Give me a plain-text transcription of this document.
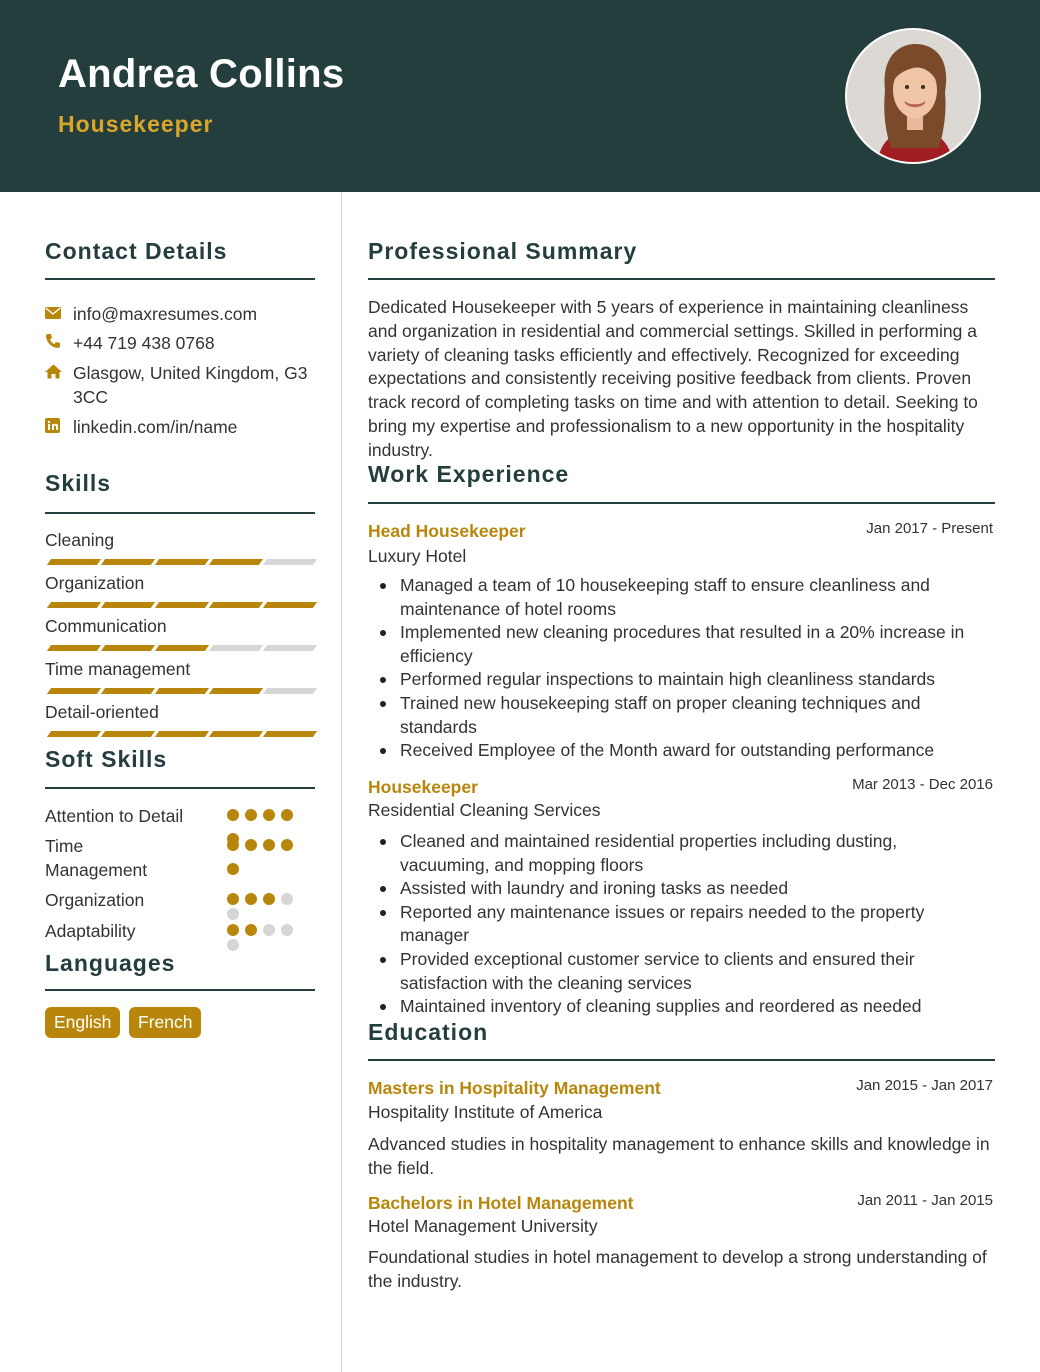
Andrea Collins
Housekeeper
Contact Details
info@maxresumes.com
+44 719 438 0768
Glasgow, United Kingdom, G3 3CC
linkedin.com/in/name
Skills
Cleaning
Organization
Communication
Time management
Detail-oriented
Soft Skills
Attention to Detail
Time Management
Organization
Adaptability
Languages
English	French
Professional Summary
Dedicated Housekeeper with 5 years of experience in maintaining cleanliness and organization in residential and commercial settings. Skilled in performing a variety of cleaning tasks efficiently and effectively. Recognized for exceeding expectations and consistently receiving positive feedback from clients. Proven track record of completing tasks on time and with attention to detail. Seeking to bring my expertise and professionalism to a new opportunity in the hospitality industry.
Work Experience
Head Housekeeper	Jan 2017 - Present
Luxury Hotel
Managed a team of 10 housekeeping staff to ensure cleanliness and maintenance of hotel rooms
Implemented new cleaning procedures that resulted in a 20% increase in efficiency
Performed regular inspections to maintain high cleanliness standards
Trained new housekeeping staff on proper cleaning techniques and standards
Received Employee of the Month award for outstanding performance
Housekeeper	Mar 2013 - Dec 2016
Residential Cleaning Services
Cleaned and maintained residential properties including dusting, vacuuming, and mopping floors
Assisted with laundry and ironing tasks as needed
Reported any maintenance issues or repairs needed to the property manager
Provided exceptional customer service to clients and ensured their satisfaction with the cleaning services
Maintained inventory of cleaning supplies and reordered as needed
Education
Masters in Hospitality Management	Jan 2015 - Jan 2017
Hospitality Institute of America
Advanced studies in hospitality management to enhance skills and knowledge in the field.
Bachelors in Hotel Management	Jan 2011 - Jan 2015
Hotel Management University
Foundational studies in hotel management to develop a strong understanding of the industry.
